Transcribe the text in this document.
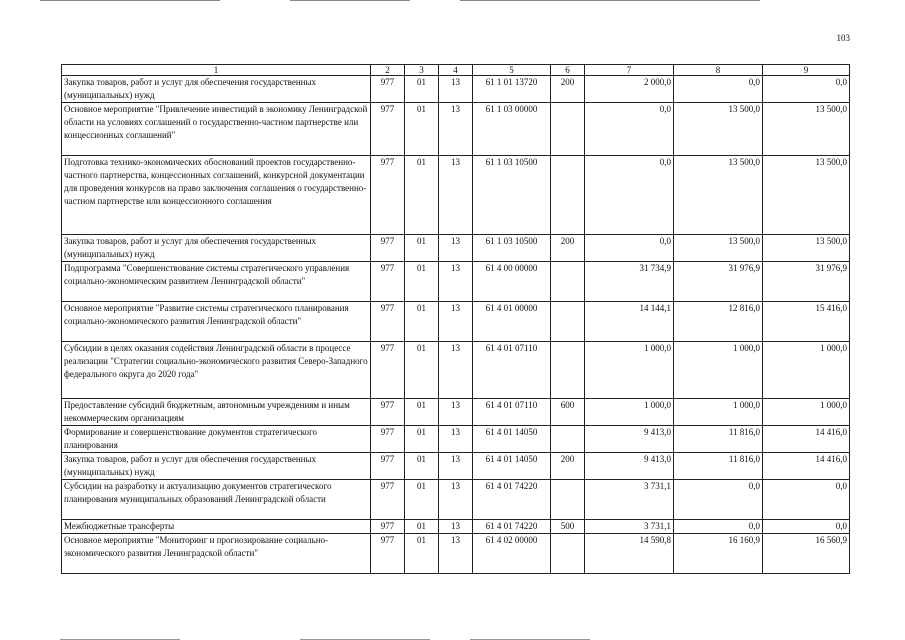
103
1	2	3	4	5	6	7	8	9
Закупка товаров, работ и услуг для обеспечения государственных (муниципальных) нужд	977	01	13	61 1 01 13720	200	2 000,0	0,0	0,0
Основное мероприятие "Привлечение инвестиций в экономику Ленинградской области на условиях соглашений о государственно-частном партнерстве или концессионных соглашений"	977	01	13	61 1 03 00000		0,0	13 500,0	13 500,0
Подготовка технико-экономических обоснований проектов государственно-частного партнерства, концессионных соглашений, конкурсной документации для проведения конкурсов на право заключения соглашения о государственно-частном партнерстве или концессионного соглашения	977	01	13	61 1 03 10500		0,0	13 500,0	13 500,0
Закупка товаров, работ и услуг для обеспечения государственных (муниципальных) нужд	977	01	13	61 1 03 10500	200	0,0	13 500,0	13 500,0
Подпрограмма "Совершенствование системы стратегического управления социально-экономическим развитием Ленинградской области"	977	01	13	61 4 00 00000		31 734,9	31 976,9	31 976,9
Основное мероприятие "Развитие системы стратегического планирования социально-экономического развития Ленинградской области"	977	01	13	61 4 01 00000		14 144,1	12 816,0	15 416,0
Субсидии в целях оказания содействия Ленинградской области в процессе реализации "Стратегии социально-экономического развития Северо-Западного федерального округа до 2020 года"	977	01	13	61 4 01 07110		1 000,0	1 000,0	1 000,0
Предоставление субсидий бюджетным, автономным учреждениям и иным некоммерческим организациям	977	01	13	61 4 01 07110	600	1 000,0	1 000,0	1 000,0
Формирование и совершенствование документов стратегического планирования	977	01	13	61 4 01 14050		9 413,0	11 816,0	14 416,0
Закупка товаров, работ и услуг для обеспечения государственных (муниципальных) нужд	977	01	13	61 4 01 14050	200	9 413,0	11 816,0	14 416,0
Субсидии на разработку и актуализацию документов стратегического планирования муниципальных образований Ленинградской области	977	01	13	61 4 01 74220		3 731,1	0,0	0,0
Межбюджетные трансферты	977	01	13	61 4 01 74220	500	3 731,1	0,0	0,0
Основное мероприятие "Мониторинг и прогнозирование социально-экономического развития Ленинградской области"	977	01	13	61 4 02 00000		14 590,8	16 160,9	16 560,9
